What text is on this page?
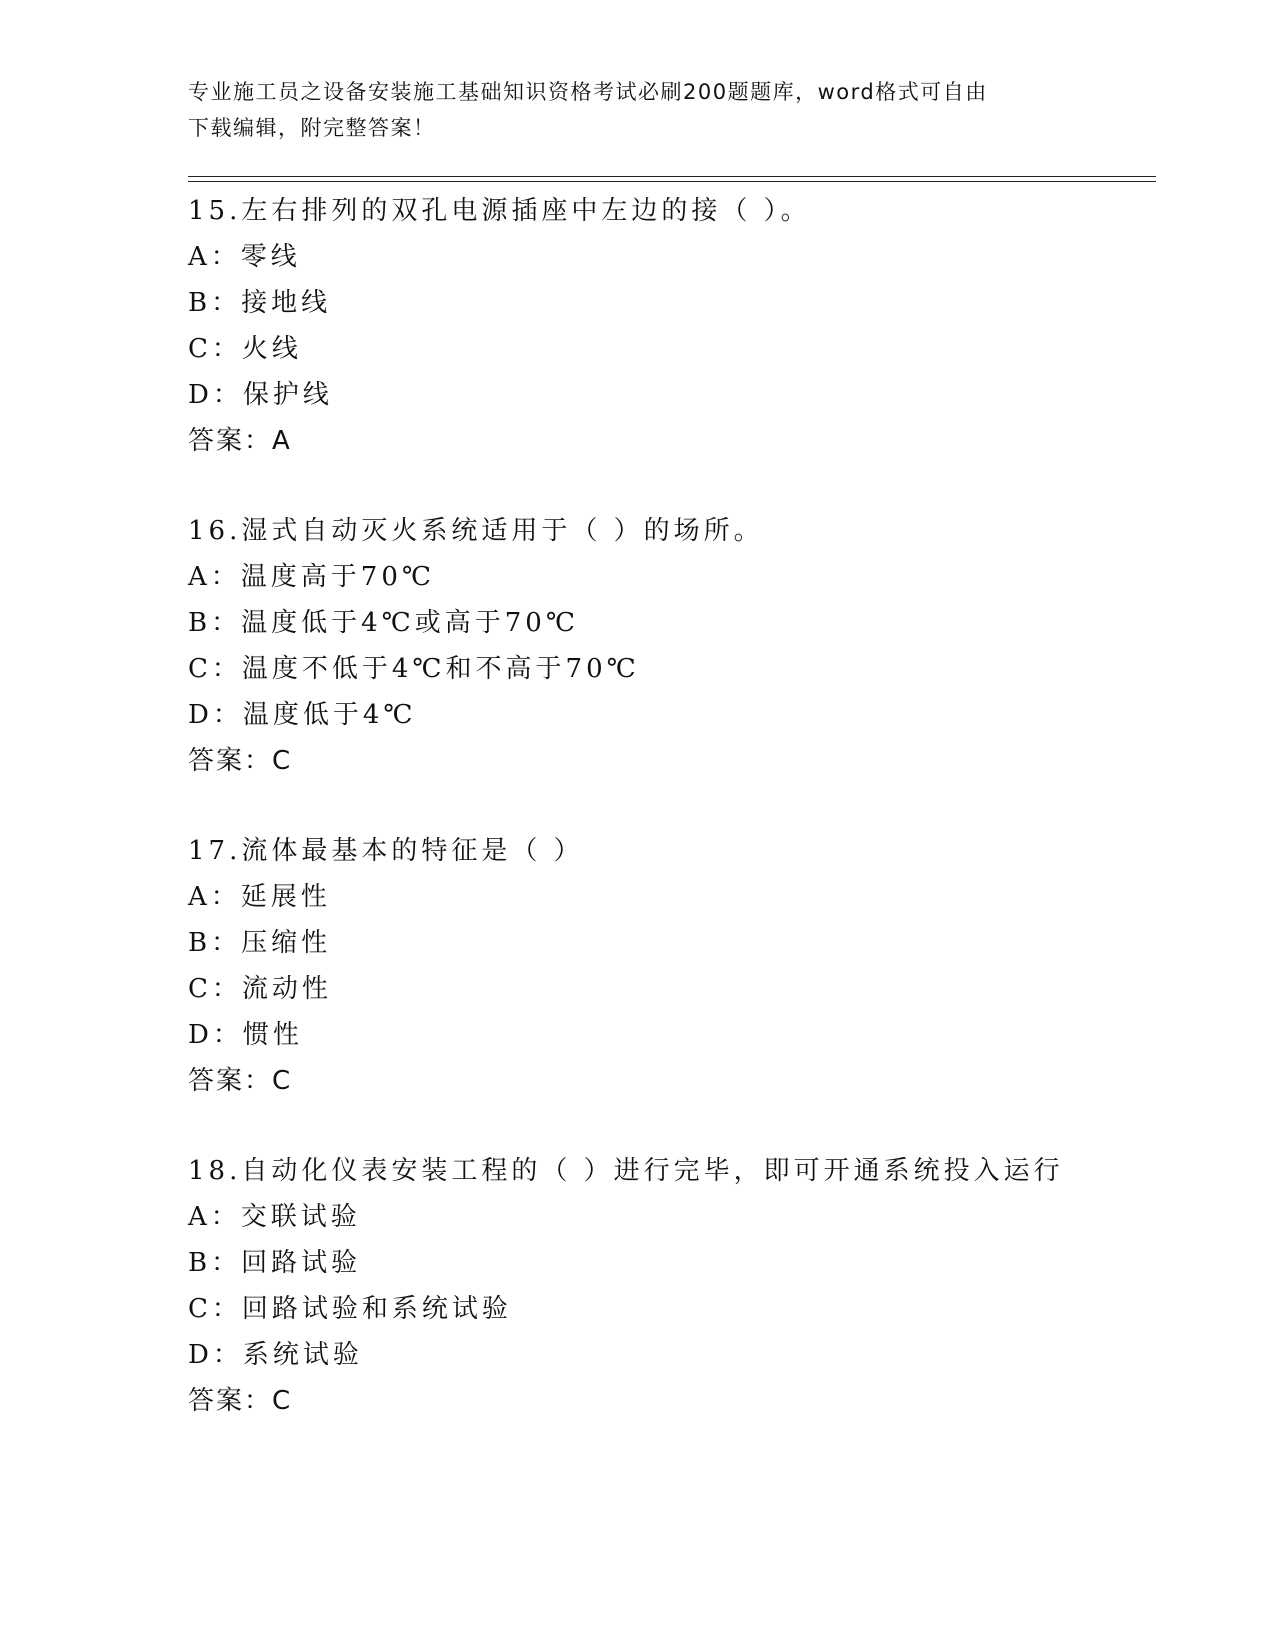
专业施工员之设备安装施工基础知识资格考试必刷200题题库，word格式可自由
下载编辑，附完整答案！
15.左右排列的双孔电源插座中左边的接（ ）。
A：零线
B：接地线
C：火线
D：保护线
答案：A
16.湿式自动灭火系统适用于（ ）的场所。
A：温度高于70℃
B：温度低于4℃或高于70℃
C：温度不低于4℃和不高于70℃
D：温度低于4℃
答案：C
17.流体最基本的特征是（ ）
A：延展性
B：压缩性
C：流动性
D：惯性
答案：C
18.自动化仪表安装工程的（ ）进行完毕，即可开通系统投入运行
A：交联试验
B：回路试验
C：回路试验和系统试验
D：系统试验
答案：C
